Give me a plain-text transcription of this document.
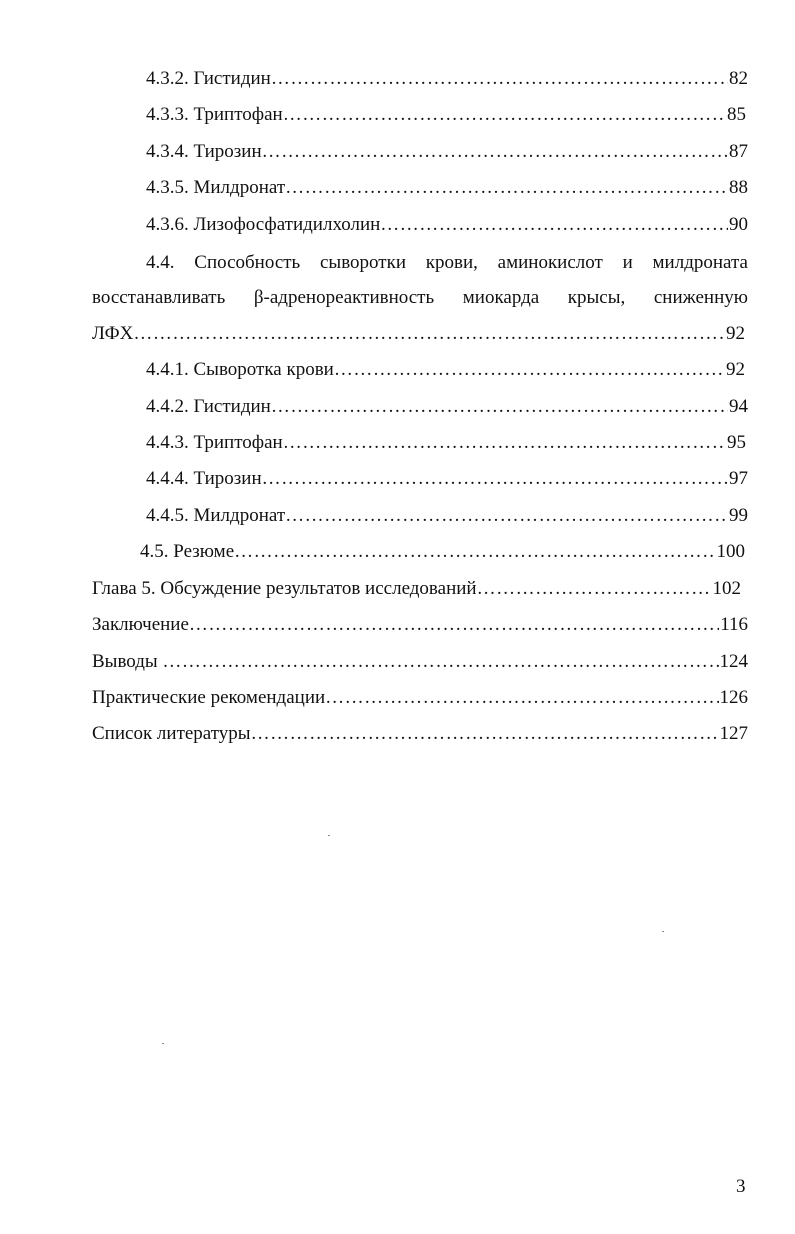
4.3.2. Гистидин …………………………………………………………………………………………………………………………………………………………………………………………………………	82
4.3.3. Триптофан …………………………………………………………………………………………………………………………………………………………………………………………………………	85
4.3.4. Тирозин …………………………………………………………………………………………………………………………………………………………………………………………………………	87
4.3.5. Милдронат …………………………………………………………………………………………………………………………………………………………………………………………………………	88
4.3.6. Лизофосфатидилхолин …………………………………………………………………………………………………………………………………………………………………………………………………………	90
4.4. Способность сыворотки крови, аминокислот и милдроната
восстанавливать β-адренореактивность миокарда крысы, сниженную
ЛФХ …………………………………………………………………………………………………………………………………………………………………………………………………………	92
4.4.1. Сыворотка крови …………………………………………………………………………………………………………………………………………………………………………………………………………	92
4.4.2. Гистидин …………………………………………………………………………………………………………………………………………………………………………………………………………	94
4.4.3. Триптофан …………………………………………………………………………………………………………………………………………………………………………………………………………	95
4.4.4. Тирозин …………………………………………………………………………………………………………………………………………………………………………………………………………	97
4.4.5. Милдронат …………………………………………………………………………………………………………………………………………………………………………………………………………	99
4.5. Резюме …………………………………………………………………………………………………………………………………………………………………………………………………………	100
Глава 5. Обсуждение результатов исследований …………………………………………………………………………………………………………………………………………………………………………………………………………	102
Заключение …………………………………………………………………………………………………………………………………………………………………………………………………………	116
Выводы …………………………………………………………………………………………………………………………………………………………………………………………………………	124
Практические рекомендации …………………………………………………………………………………………………………………………………………………………………………………………………………	126
Список литературы …………………………………………………………………………………………………………………………………………………………………………………………………………	127
3
